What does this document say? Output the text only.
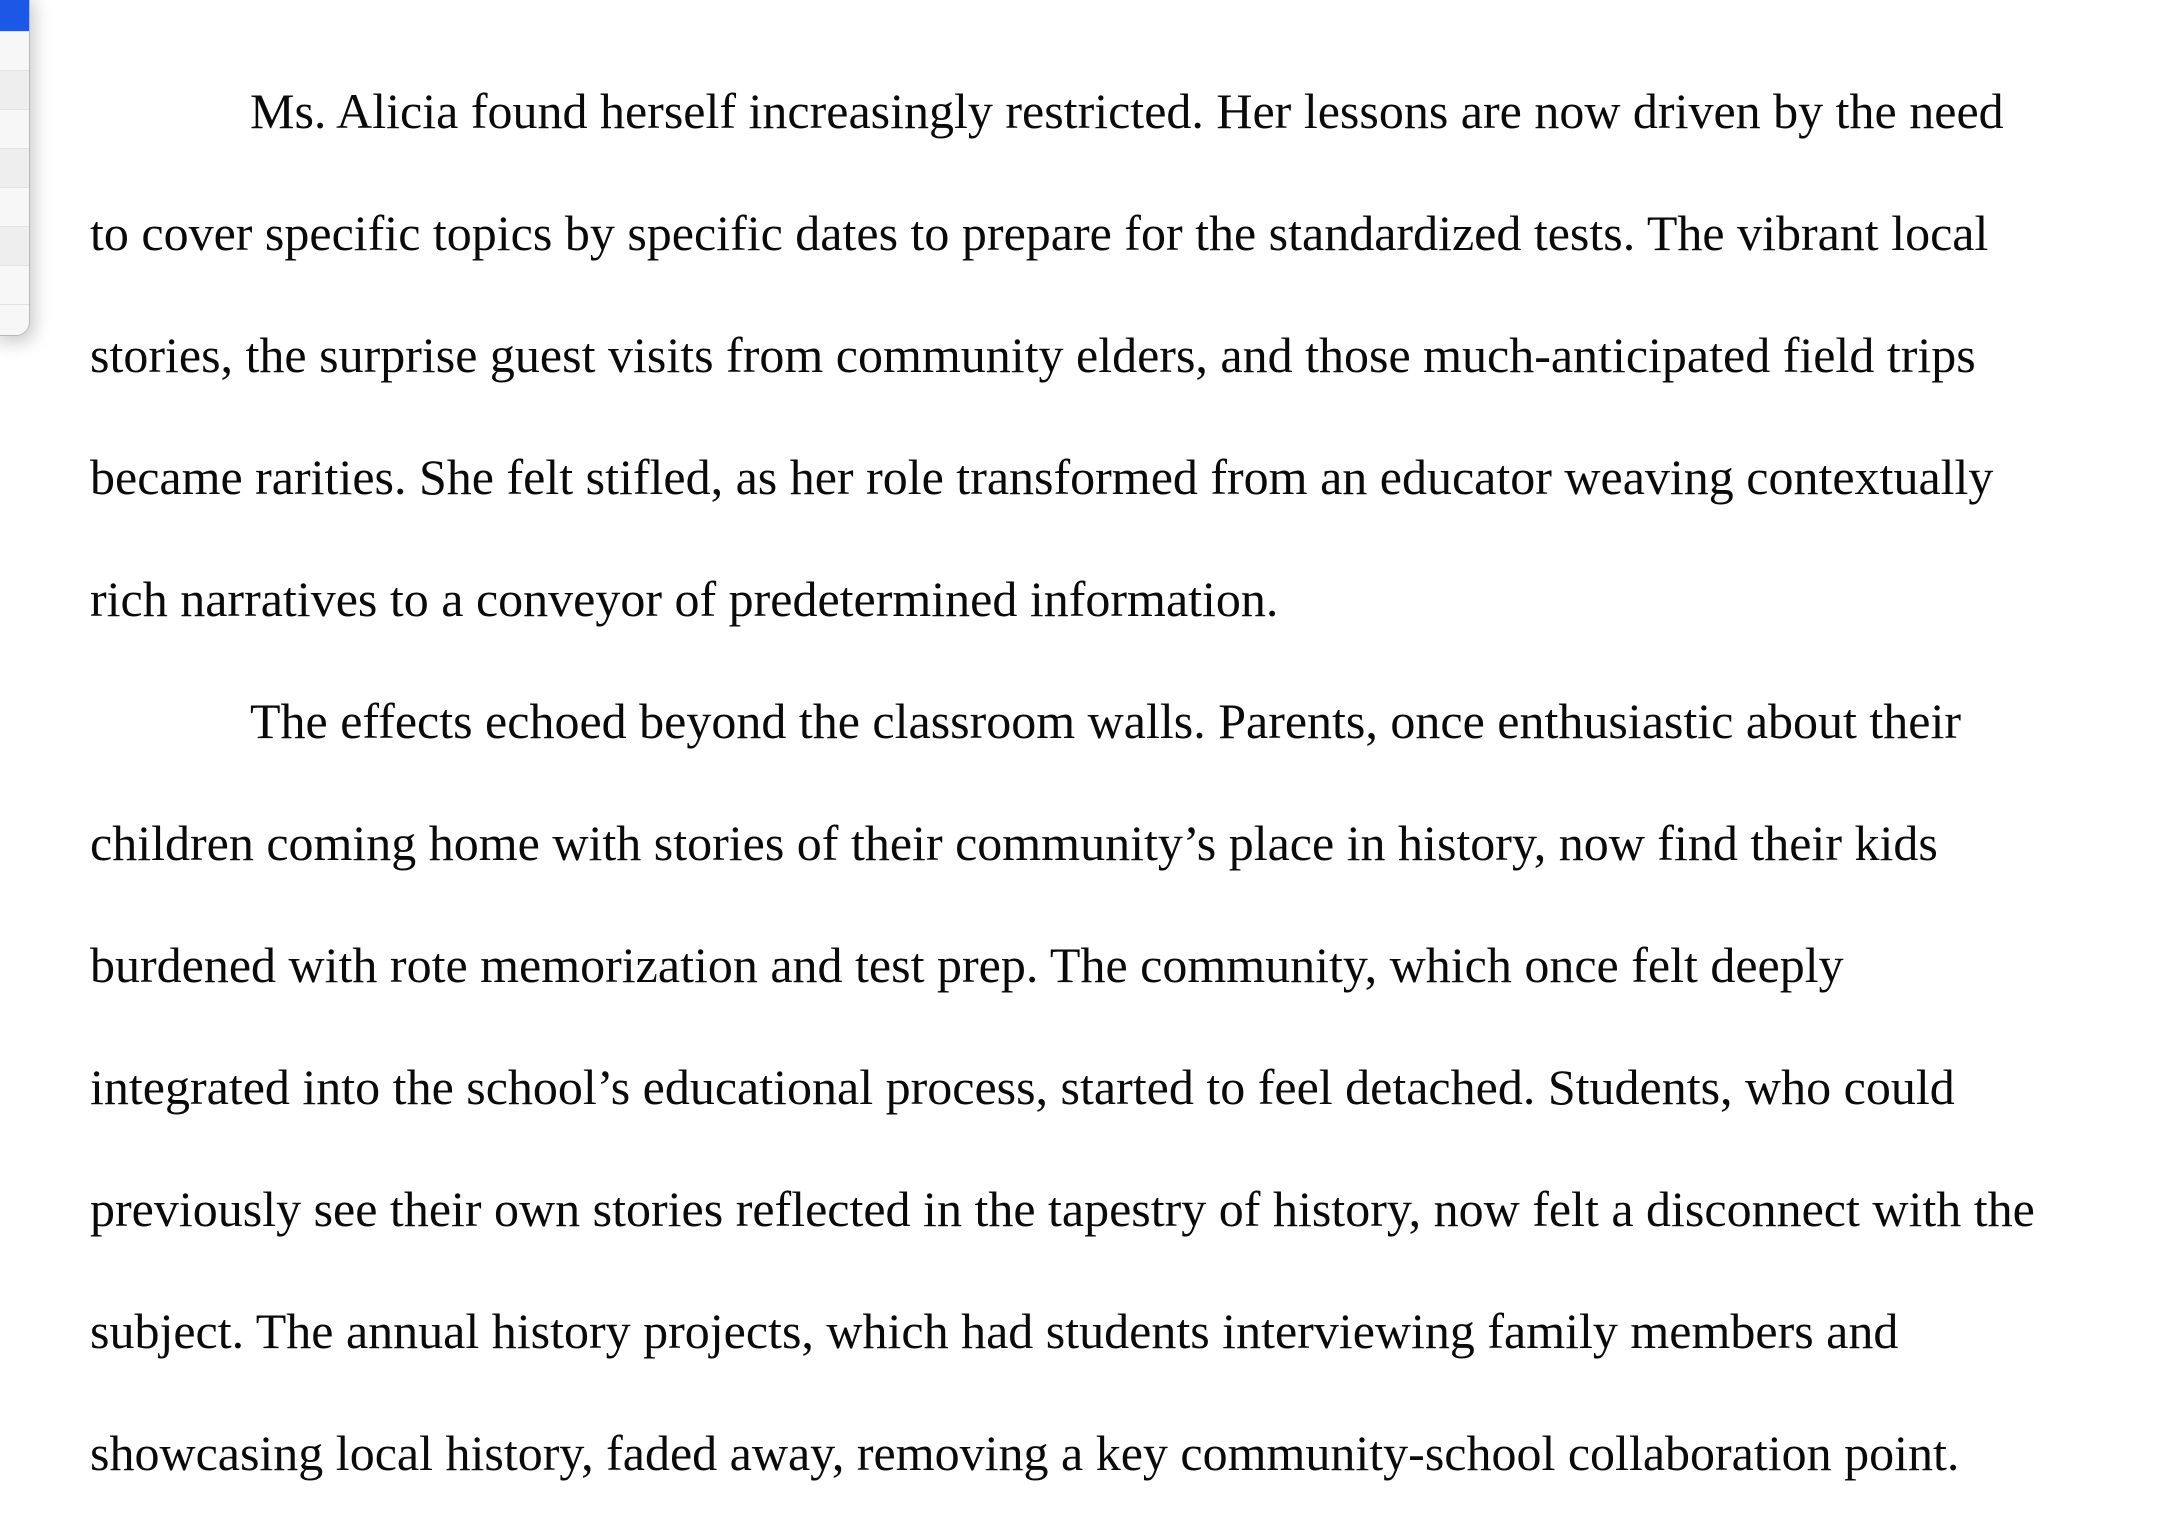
Ms. Alicia found herself increasingly restricted. Her lessons are now driven by the need
to cover specific topics by specific dates to prepare for the standardized tests. The vibrant local
stories, the surprise guest visits from community elders, and those much-anticipated field trips
became rarities. She felt stifled, as her role transformed from an educator weaving contextually
rich narratives to a conveyor of predetermined information.
The effects echoed beyond the classroom walls. Parents, once enthusiastic about their
children coming home with stories of their community’s place in history, now find their kids
burdened with rote memorization and test prep. The community, which once felt deeply
integrated into the school’s educational process, started to feel detached. Students, who could
previously see their own stories reflected in the tapestry of history, now felt a disconnect with the
subject. The annual history projects, which had students interviewing family members and
showcasing local history, faded away, removing a key community-school collaboration point.
